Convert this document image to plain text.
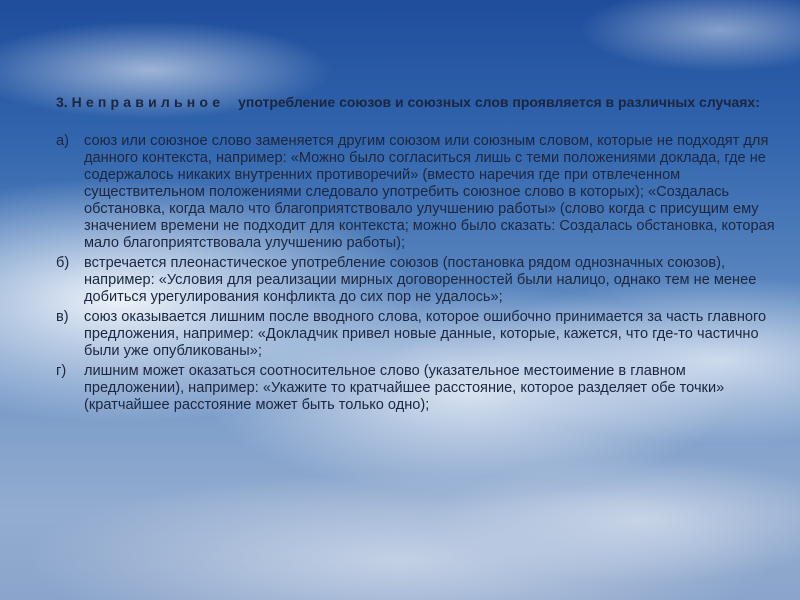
3. Неправильное употребление союзов и союзных слов проявляется в различных случаях:

а)	союз или союзное слово заменяется другим союзом или союзным словом, которые не подходят для данного контекста, например: «Можно было согласиться лишь с теми положениями доклада, где не содержалось никаких внутренних противоречий» (вместо наречия где при отвлеченном существительном положениями следовало употребить союзное слово в которых); «Создалась обстановка, когда мало что благоприятствовало улучшению работы» (слово когда с присущим ему значением времени не подходит для контекста; можно было сказать: Создалась обстановка, которая мало благоприятствовала улучшению работы);
б)	встречается плеонастическое употребление союзов (постановка рядом однозначных союзов), например: «Условия для реализации мирных договоренностей были налицо, однако тем не менее добиться урегулирования конфликта до сих пор не удалось»;
в)	союз оказывается лишним после вводного слова, которое ошибочно принимается за часть главного предложения, например: «Докладчик привел новые данные, которые, кажется, что где-то частично были уже опубликованы»;
г)	лишним может оказаться соотносительное слово (указательное местоимение в главном предложении), например: «Укажите то кратчайшее расстояние, которое разделяет обе точки» (кратчайшее расстояние может быть только одно);
